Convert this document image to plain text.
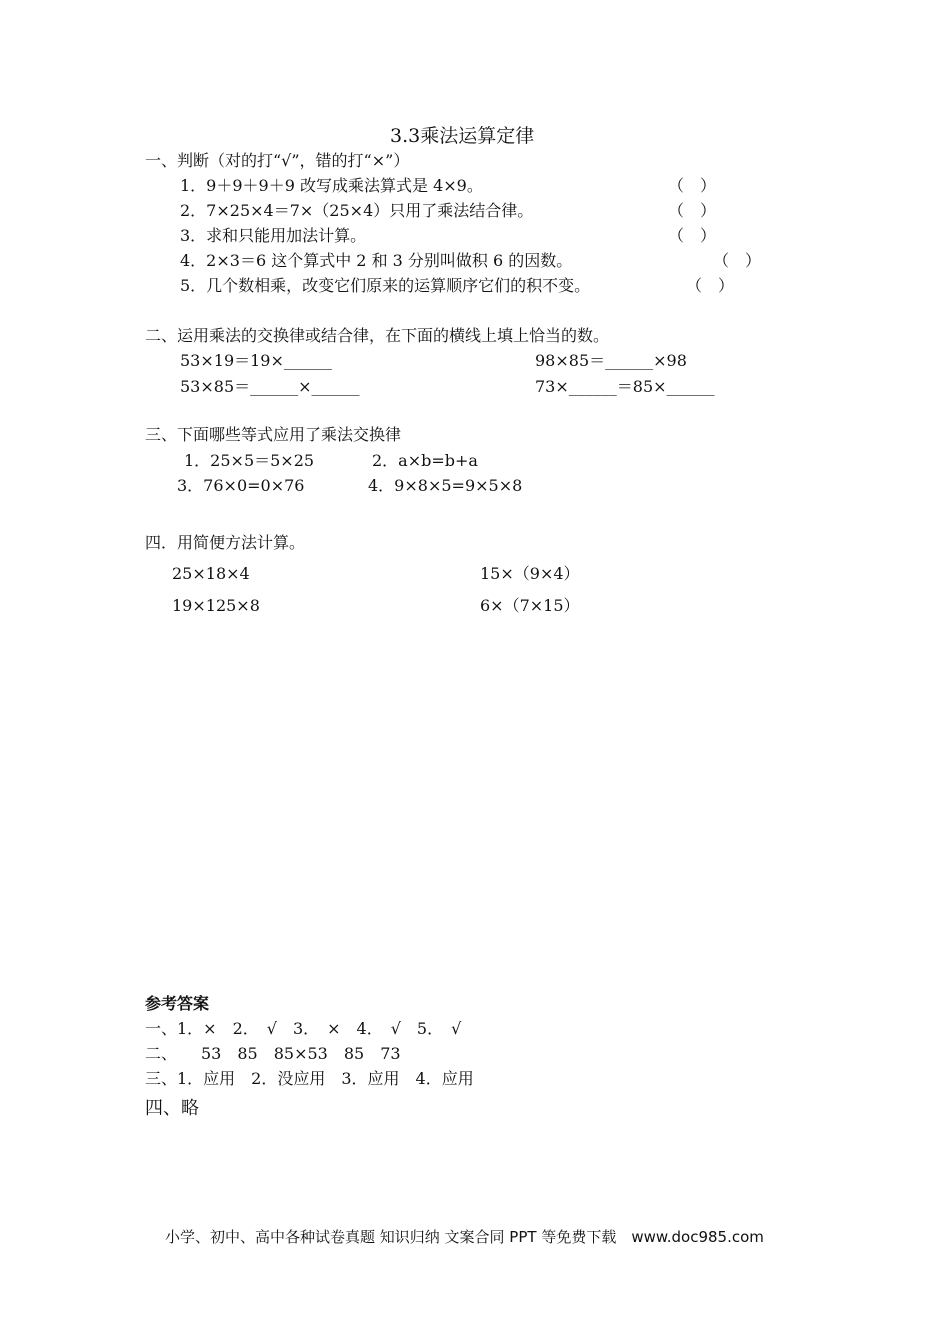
3.3乘法运算定律
一、判断（对的打“√”，错的打“×”）
1．9＋9＋9＋9 改写成乘法算式是 4×9。	（　）
2．7×25×4＝7×（25×4）只用了乘法结合律。	（　）
3．求和只能用加法计算。	（　）
4．2×3＝6 这个算式中 2 和 3 分别叫做积 6 的因数。	（　）
5．几个数相乘，改变它们原来的运算顺序它们的积不变。	（　）
二、运用乘法的交换律或结合律，在下面的横线上填上恰当的数。
53×19＝19×______	98×85＝______×98
53×85＝______×______	73×______＝85×______
三、下面哪些等式应用了乘法交换律
1．25×5＝5×25	2．a×b=b+a
3．76×0=0×76	4．9×8×5=9×5×8
四．用简便方法计算。
25×18×4	15×（9×4）
19×125×8	6×（7×15）
参考答案
一、1．×　2．　√　3．　×　4．　√　5．　√
二、　　53　85　85×53　85　73
三、1．应用　2．没应用　3．应用　4．应用
四、略
小学、初中、高中各种试卷真题 知识归纳 文案合同 PPT 等免费下载　www.doc985.com
